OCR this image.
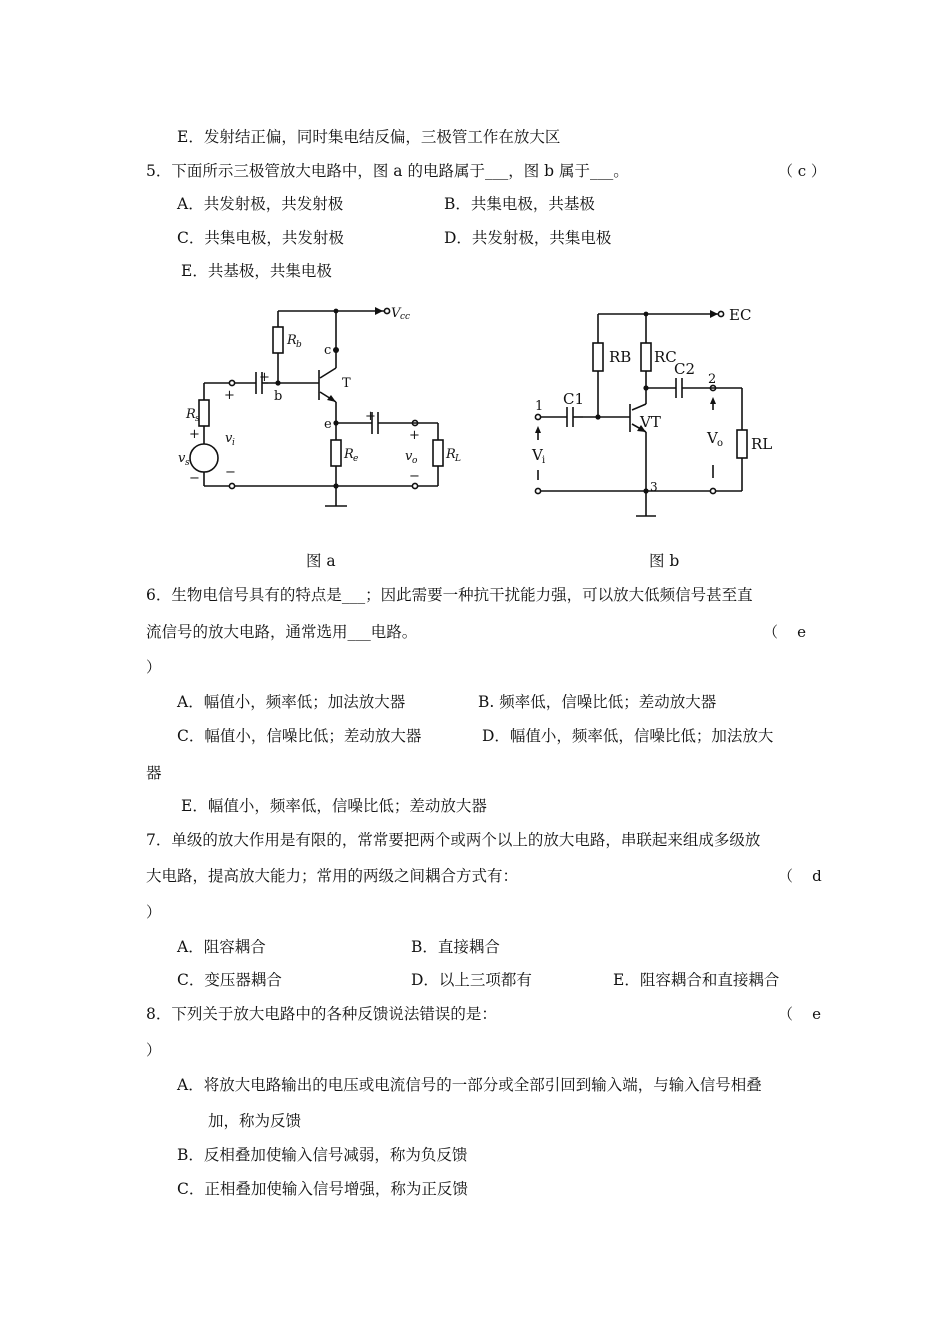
E．发射结正偏，同时集电结反偏，三极管工作在放大区
5．下面所示三极管放大电路中，图 a 的电路属于___，图 b 属于___。	（ c ）
A．共发射极，共发射极	B．共集电极，共基极
C．共集电极，共发射极	D．共发射极，共集电极
E．共基极，共集电极
V cc
R b c
T
b
e
+
+
R s
+ v i
v s
− −
R e
+
+
v o
−
R L
EC
RB RC
C2
2
C1
1
VT
V i
V o RL
3
图 a	图 b
6．生物电信号具有的特点是___；因此需要一种抗干扰能力强，可以放大低频信号甚至直
流信号的放大电路，通常选用___电路。	（    e
）
A．幅值小，频率低；加法放大器	B. 频率低，信噪比低；差动放大器
C．幅值小，信噪比低；差动放大器	D．幅值小，频率低，信噪比低；加法放大
器
E．幅值小，频率低，信噪比低；差动放大器
7．单级的放大作用是有限的，常常要把两个或两个以上的放大电路，串联起来组成多级放
大电路，提高放大能力；常用的两级之间耦合方式有：	（    d
）
A．阻容耦合	B．直接耦合
C．变压器耦合	D．以上三项都有	E．阻容耦合和直接耦合
8．下列关于放大电路中的各种反馈说法错误的是：	（    e
）
A．将放大电路输出的电压或电流信号的一部分或全部引回到输入端，与输入信号相叠
加，称为反馈
B．反相叠加使输入信号减弱，称为负反馈
C．正相叠加使输入信号增强，称为正反馈
